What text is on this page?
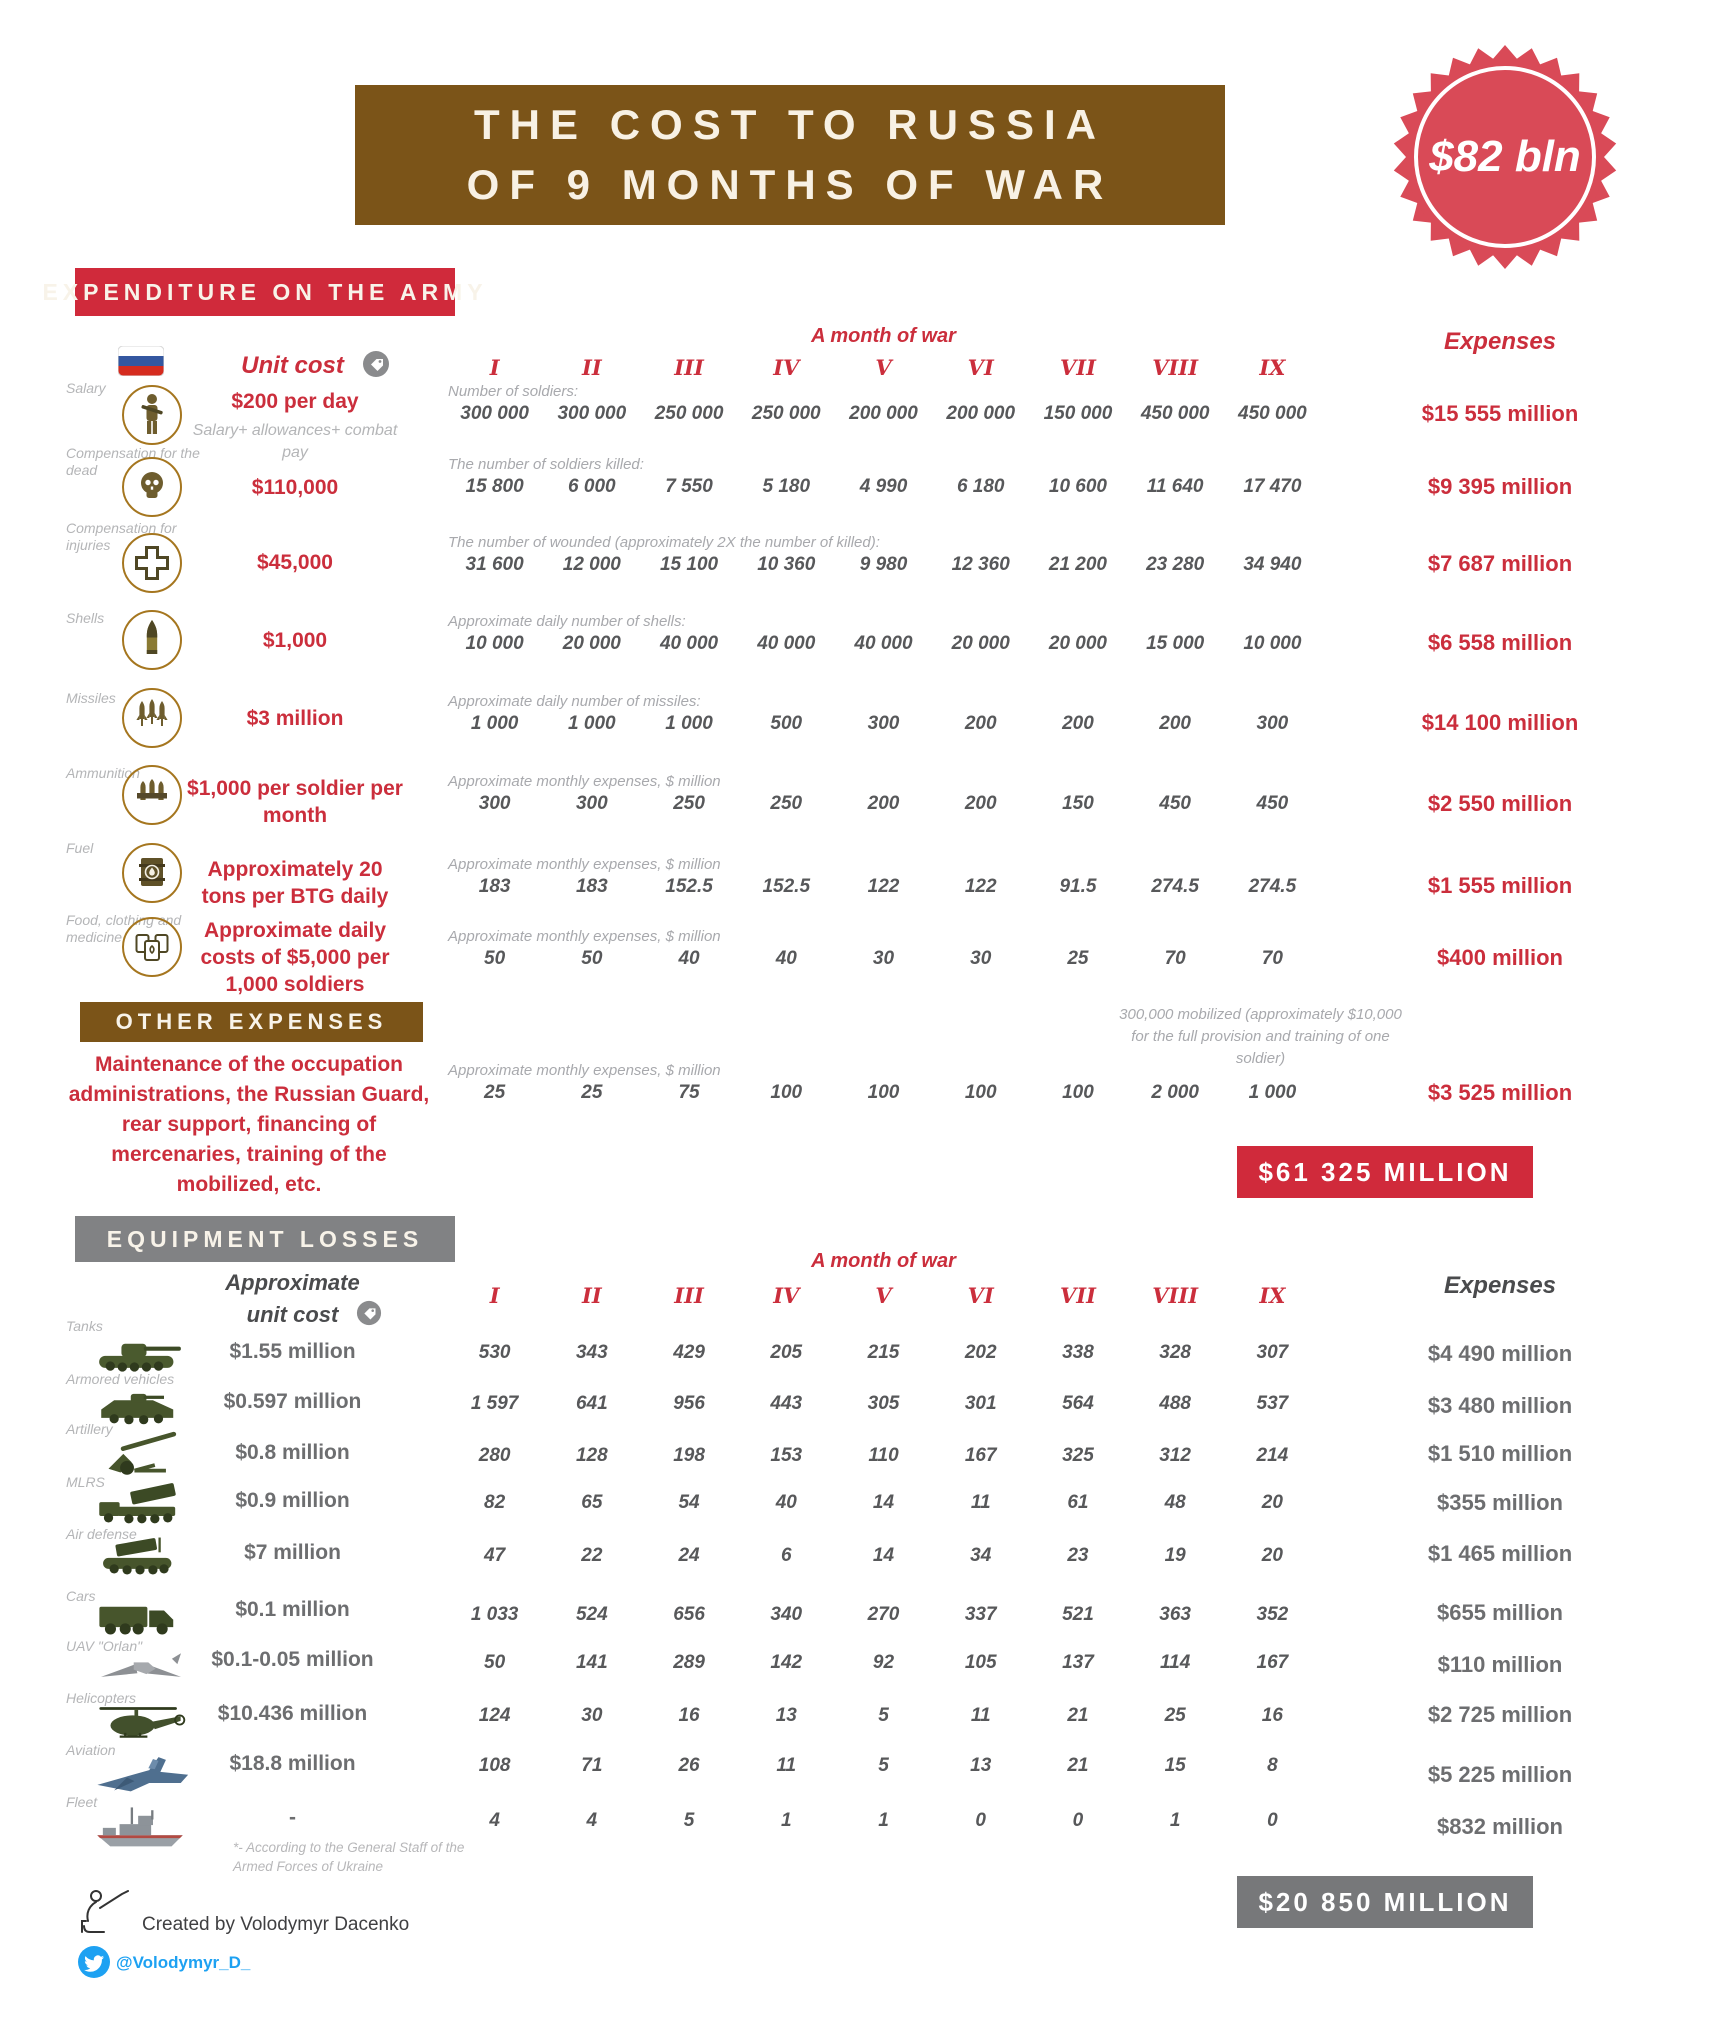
THE COST TO RUSSIA
OF 9 MONTHS OF WAR
$82 bln
EXPENDITURE ON THE ARMY
Unit cost
A month of war
I	II	III	IV	V	VI	VII	VIII	IX
Expenses
Salary
$200 per day
Salary+ allowances+ combat pay
Number of soldiers:
300 000	300 000	250 000	250 000	200 000	200 000	150 000	450 000	450 000	$15 555 million
Compensation for the dead
$110,000
The number of soldiers killed:
15 800	6 000	7 550	5 180	4 990	6 180	10 600	11 640	17 470	$9 395 million
Compensation for injuries
$45,000
The number of wounded (approximately 2X the number of killed):
31 600	12 000	15 100	10 360	9 980	12 360	21 200	23 280	34 940	$7 687 million
Shells
$1,000
Approximate daily number of shells:
10 000	20 000	40 000	40 000	40 000	20 000	20 000	15 000	10 000	$6 558 million
Missiles
$3 million
Approximate daily number of missiles:
1 000	1 000	1 000	500	300	200	200	200	300	$14 100 million
Ammunition
$1,000 per soldier per month
Approximate monthly expenses, $ million
300	300	250	250	200	200	150	450	450	$2 550 million
Fuel
Approximately 20 tons per BTG daily
Approximate monthly expenses, $ million
183	183	152.5	152.5	122	122	91.5	274.5	274.5	$1 555 million
Food, clothing and medicine	Approximate daily costs of $5,000 per 1,000 soldiers
Approximate monthly expenses, $ million
50	50	40	40	30	30	25	70	70	$400 million
OTHER EXPENSES
Maintenance of the occupation administrations, the Russian Guard, rear support, financing of mercenaries, training of the mobilized, etc.
Approximate monthly expenses, $ million
300,000 mobilized (approximately $10,000 for the full provision and training of one soldier)
25	25	75	100	100	100	100	2 000	1 000	$3 525 million
$61 325 MILLION
EQUIPMENT LOSSES
Approximate
unit cost
A month of war
I	II	III	IV	V	VI	VII	VIII	IX	Expenses
Tanks
$1.55 million	530	343	429	205	215	202	338	328	307	$4 490 million
Armored vehicles
$0.597 million	1 597	641	956	443	305	301	564	488	537	$3 480 million
Artillery
$0.8 million	280	128	198	153	110	167	325	312	214	$1 510 million
MLRS
$0.9 million	82	65	54	40	14	11	61	48	20	$355 million
Air defense
$7 million	47	22	24	6	14	34	23	19	20	$1 465 million
Cars
$0.1 million	1 033	524	656	340	270	337	521	363	352	$655 million
UAV "Orlan"
$0.1-0.05 million	50	141	289	142	92	105	137	114	167	$110 million
Helicopters
$10.436 million	124	30	16	13	5	11	21	25	16	$2 725 million
Aviation
$18.8 million	108	71	26	11	5	13	21	15	8	$5 225 million
Fleet
-	4	4	5	1	1	0	0	1	0	$832 million
*- According to the General Staff of the Armed Forces of Ukraine
$20 850 MILLION
Created by Volodymyr Dacenko
@Volodymyr_D_
